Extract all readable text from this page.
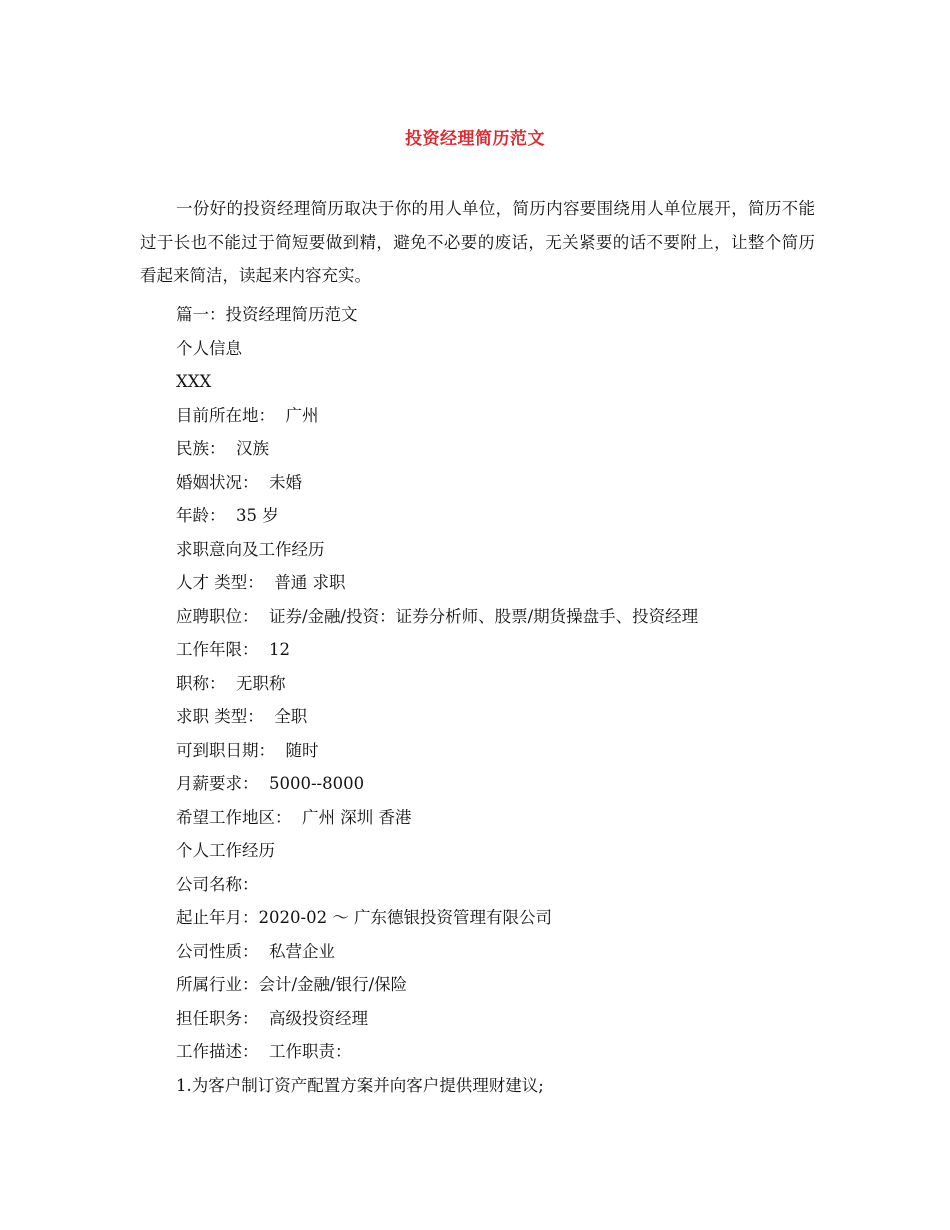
投资经理简历范文
一份好的投资经理简历取决于你的用人单位，简历内容要围绕用人单位展开，简历不能过于长也不能过于简短要做到精，避免不必要的废话，无关紧要的话不要附上，让整个简历看起来简洁，读起来内容充实。
篇一：投资经理简历范文
个人信息
XXX
目前所在地：  广州
民族：  汉族
婚姻状况：  未婚
年龄：  35 岁
求职意向及工作经历
人才 类型：  普通 求职
应聘职位：  证券/金融/投资：证券分析师、股票/期货操盘手、投资经理
工作年限：  12
职称：  无职称
求职 类型：  全职
可到职日期：  随时
月薪要求：  5000--8000
希望工作地区：  广州 深圳 香港
个人工作经历
公司名称：
起止年月：2020-02 ～ 广东德银投资管理有限公司
公司性质：  私营企业
所属行业：会计/金融/银行/保险
担任职务：  高级投资经理
工作描述：  工作职责：
1.为客户制订资产配置方案并向客户提供理财建议;
